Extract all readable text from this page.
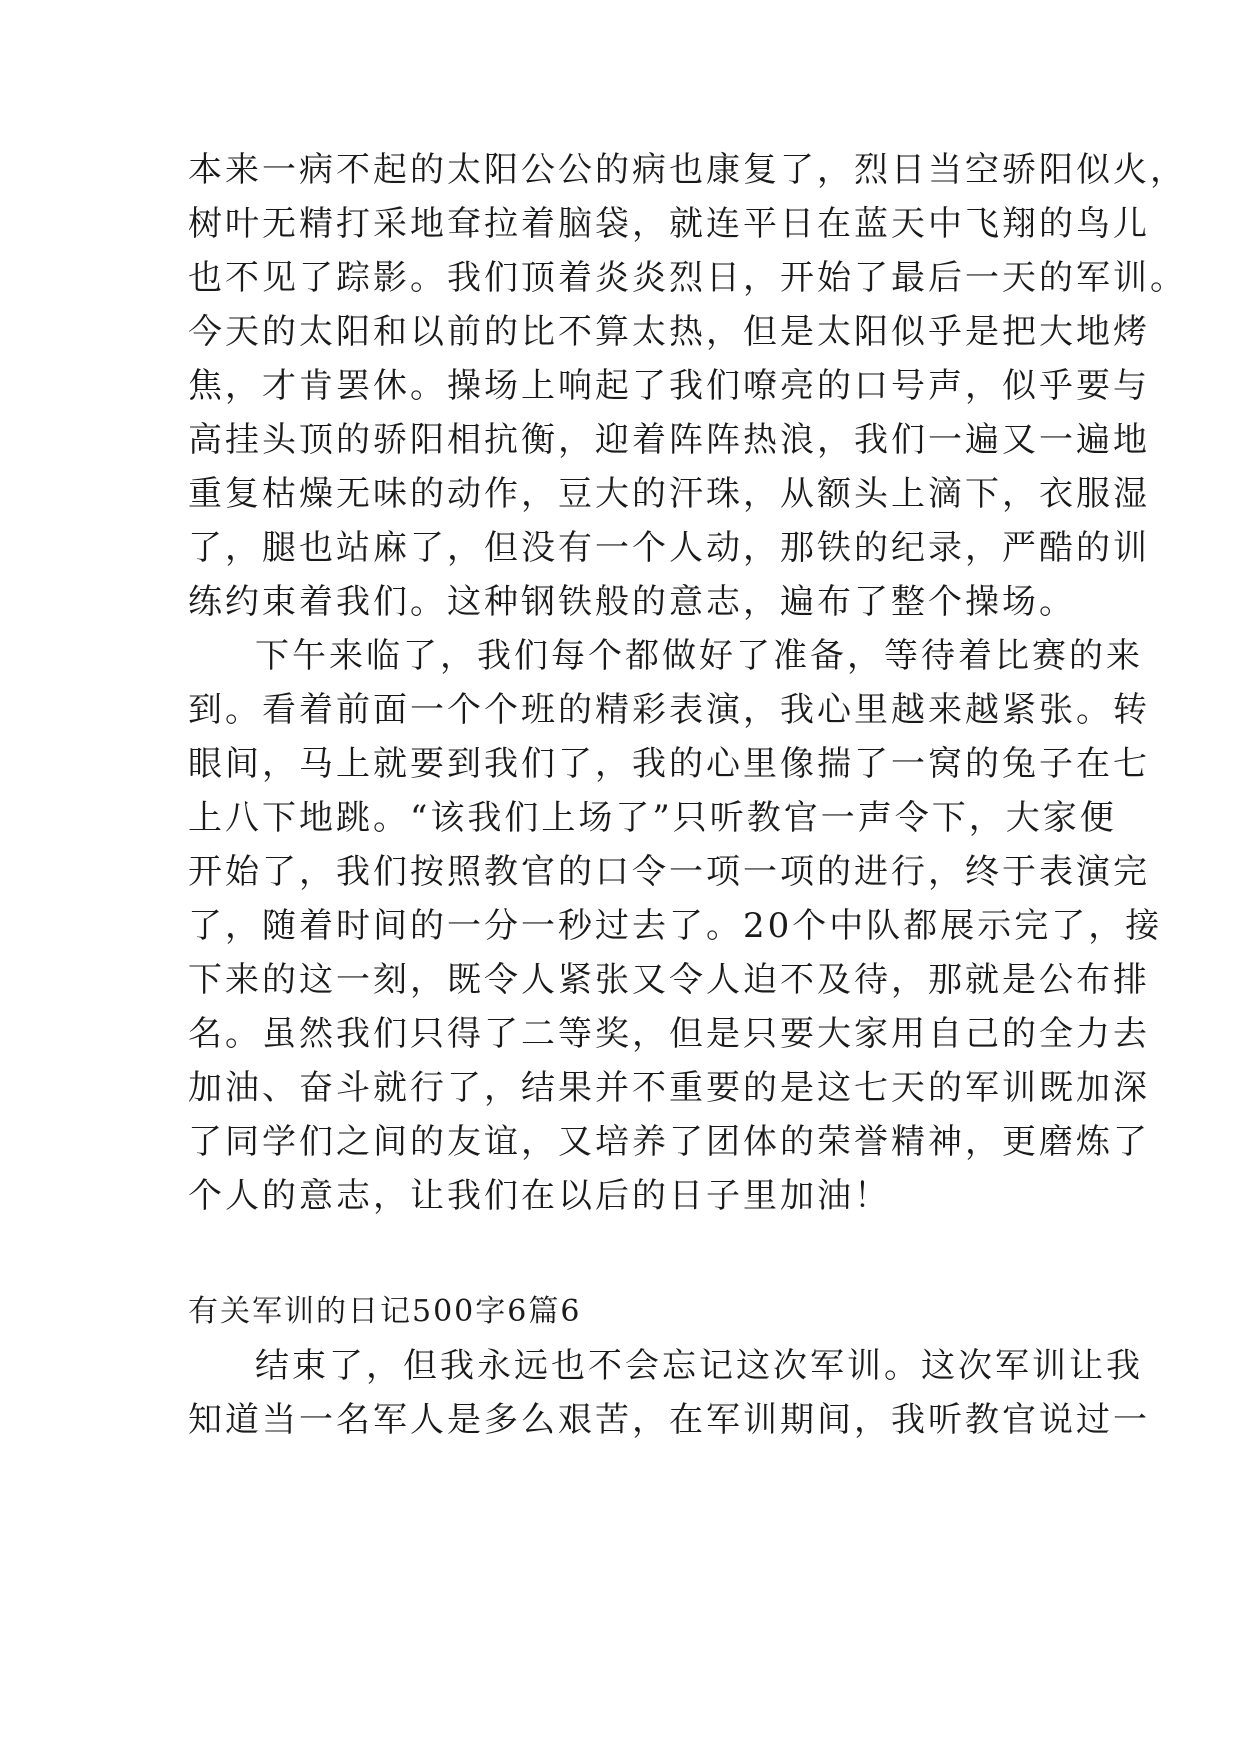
本来一病不起的太阳公公的病也康复了，烈日当空骄阳似火，
树叶无精打采地耷拉着脑袋，就连平日在蓝天中飞翔的鸟儿
也不见了踪影。我们顶着炎炎烈日，开始了最后一天的军训。
今天的太阳和以前的比不算太热，但是太阳似乎是把大地烤
焦，才肯罢休。操场上响起了我们嘹亮的口号声，似乎要与
高挂头顶的骄阳相抗衡，迎着阵阵热浪，我们一遍又一遍地
重复枯燥无味的动作，豆大的汗珠，从额头上滴下，衣服湿
了，腿也站麻了，但没有一个人动，那铁的纪录，严酷的训
练约束着我们。这种钢铁般的意志，遍布了整个操场。
下午来临了，我们每个都做好了准备，等待着比赛的来
到。看着前面一个个班的精彩表演，我心里越来越紧张。转
眼间，马上就要到我们了，我的心里像揣了一窝的兔子在七
上八下地跳。“该我们上场了”只听教官一声令下，大家便
开始了，我们按照教官的口令一项一项的进行，终于表演完
了，随着时间的一分一秒过去了。20个中队都展示完了，接
下来的这一刻，既令人紧张又令人迫不及待，那就是公布排
名。虽然我们只得了二等奖，但是只要大家用自己的全力去
加油、奋斗就行了，结果并不重要的是这七天的军训既加深
了同学们之间的友谊，又培养了团体的荣誉精神，更磨炼了
个人的意志，让我们在以后的日子里加油！
有关军训的日记500字6篇6
结束了，但我永远也不会忘记这次军训。这次军训让我
知道当一名军人是多么艰苦，在军训期间，我听教官说过一
